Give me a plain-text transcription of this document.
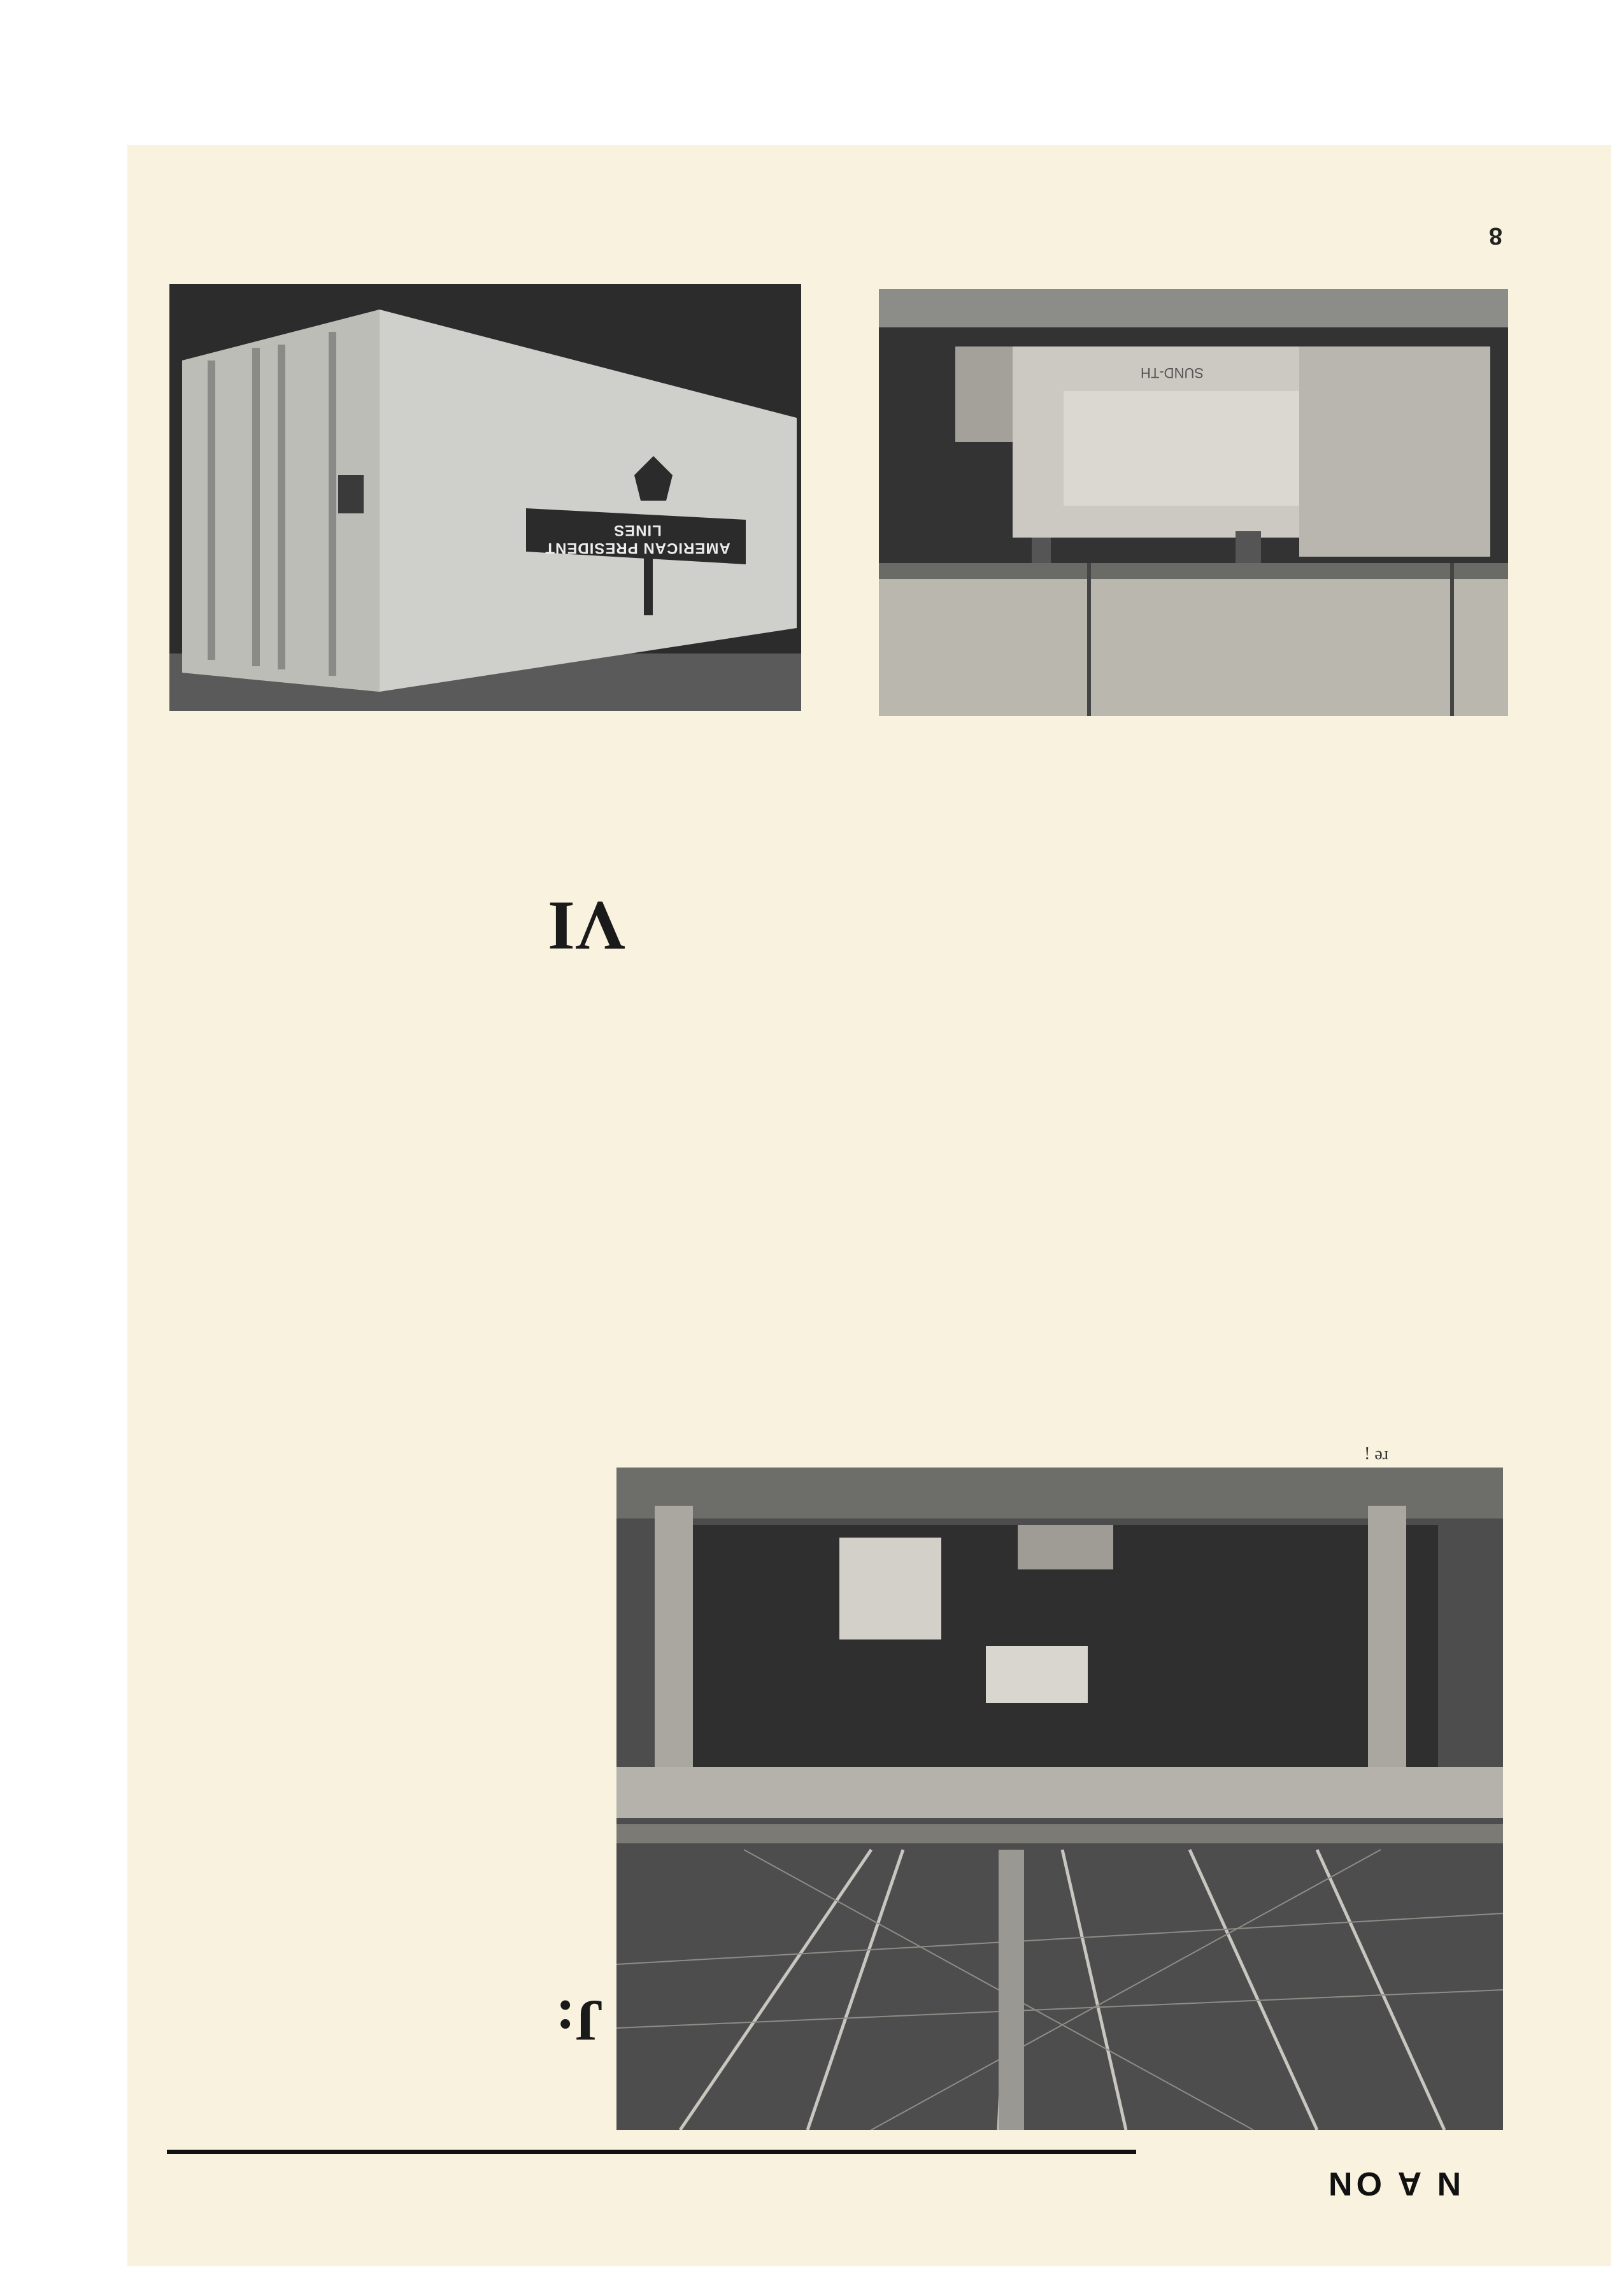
8
AMERICAN PRESIDENT LINES
SUND-TH
VI
re ¡
J:
N A ON
